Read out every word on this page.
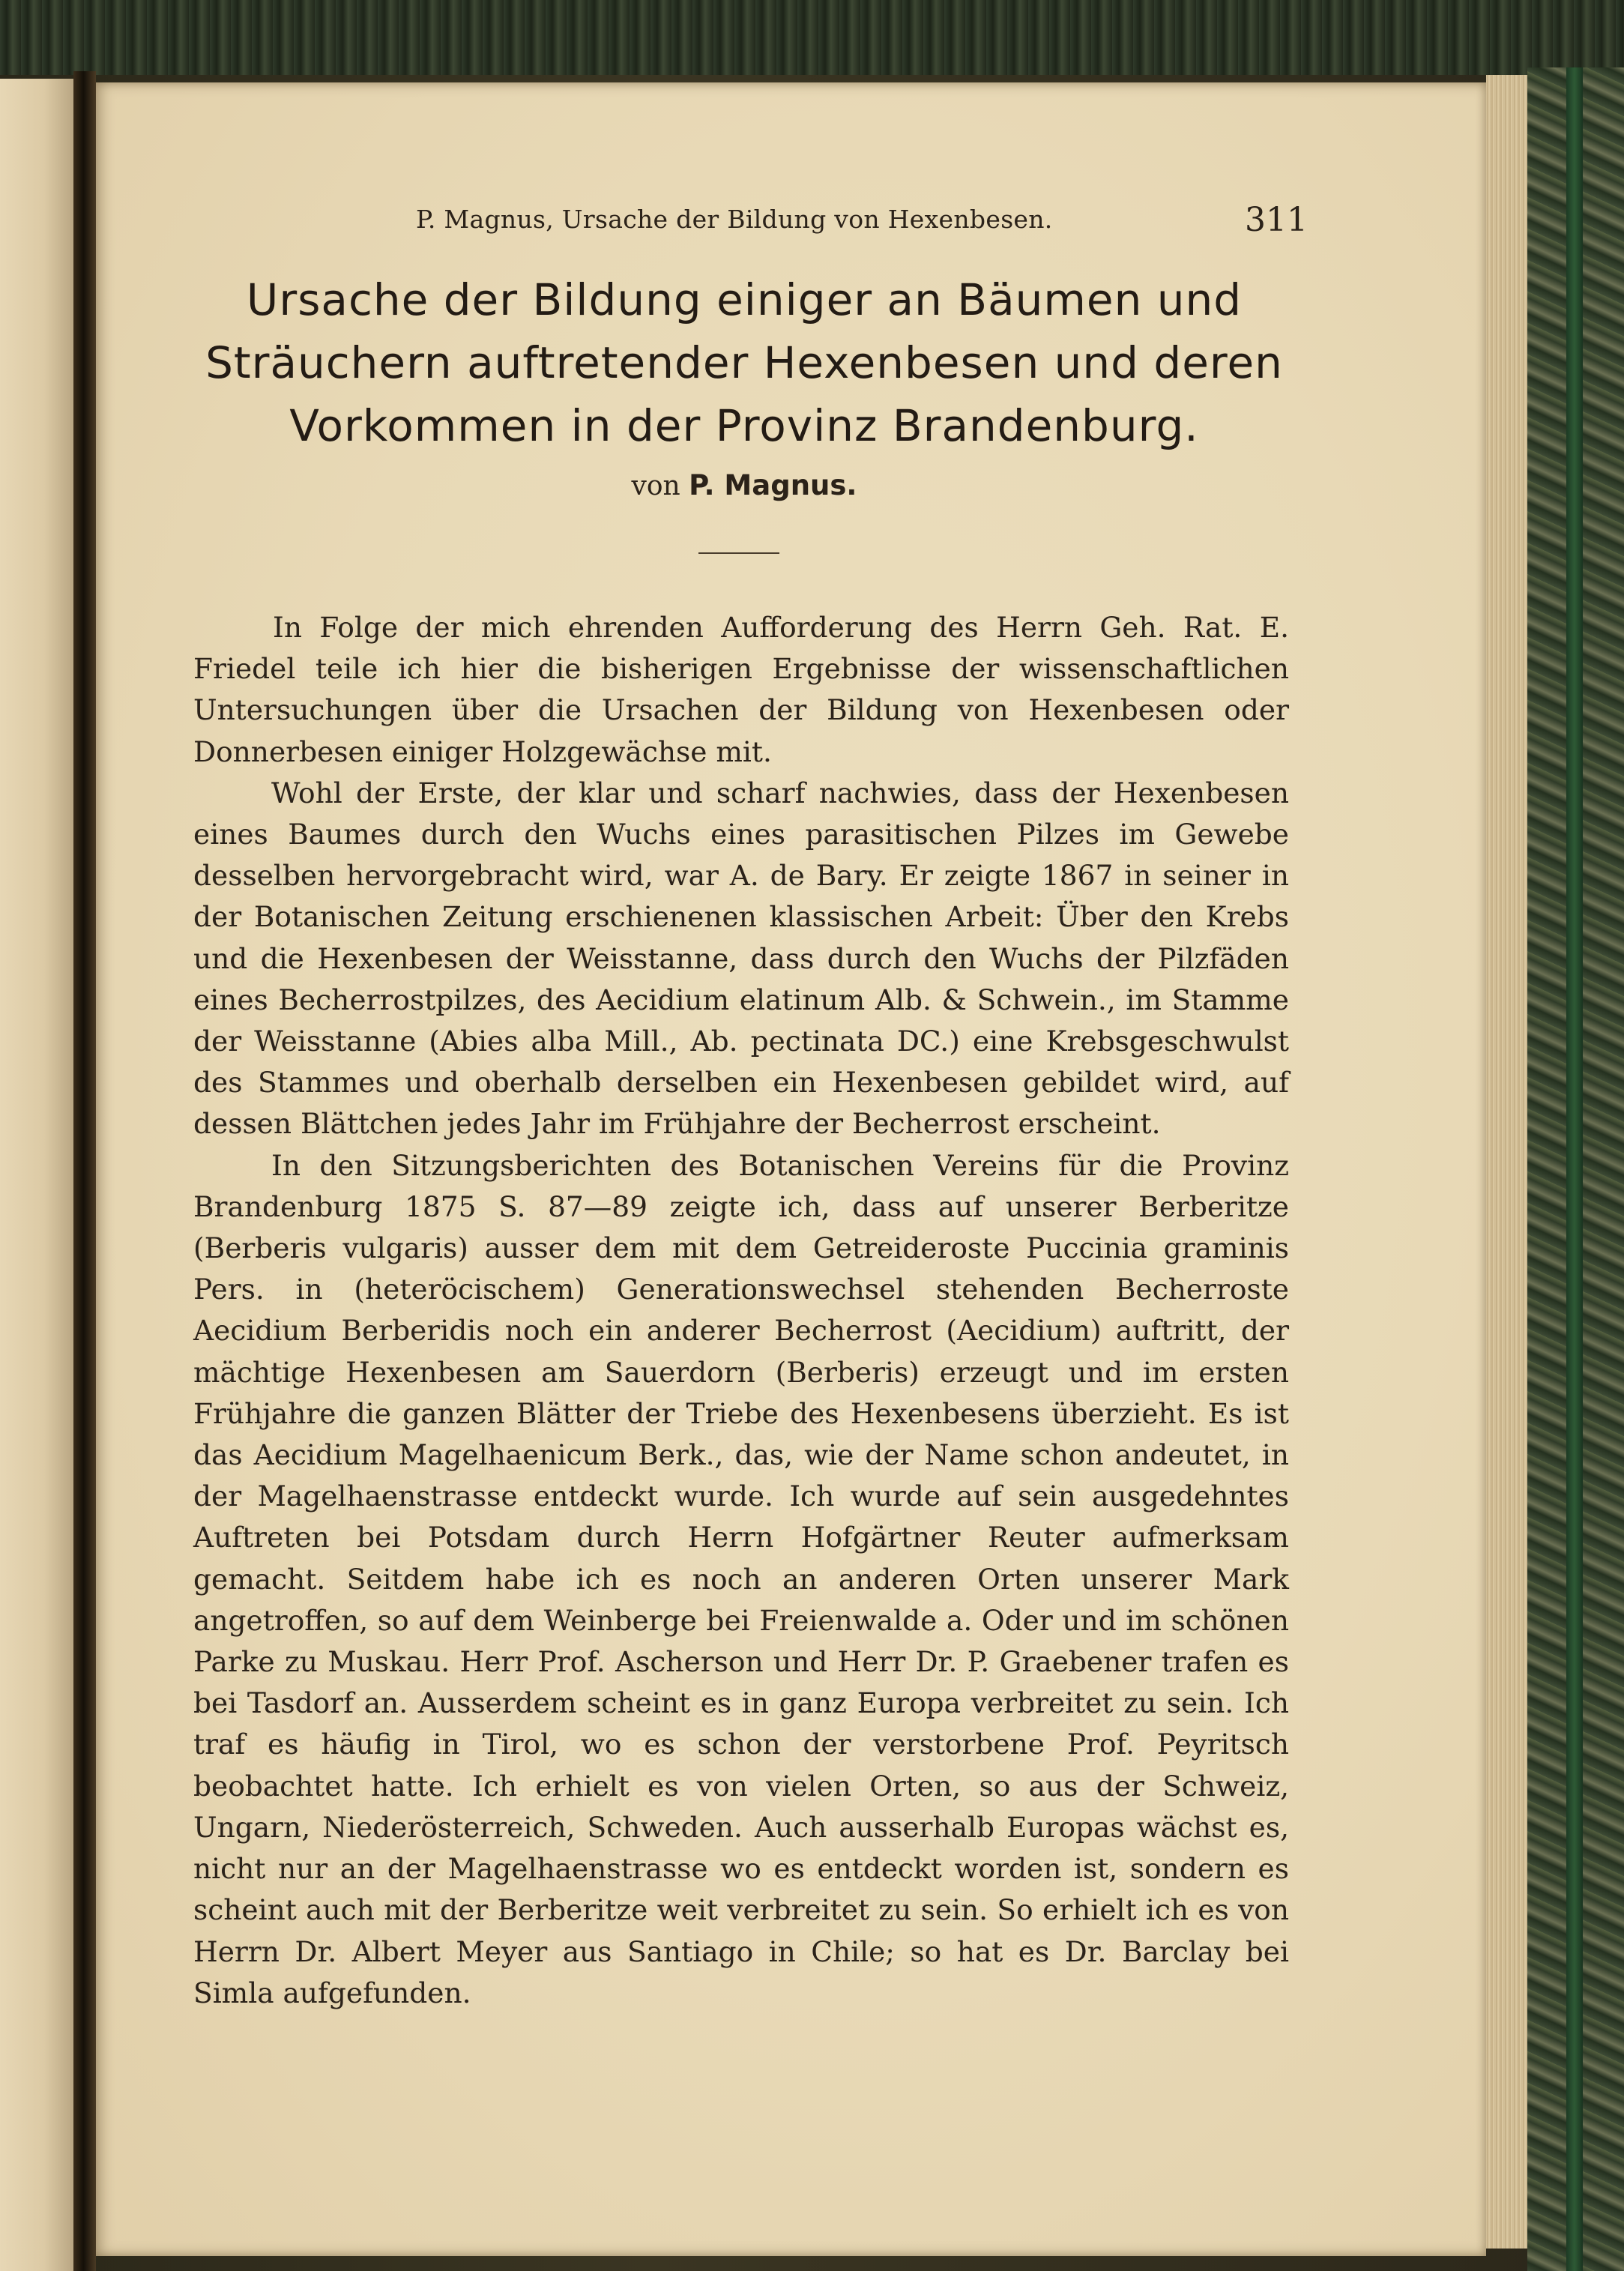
P. Magnus, Ursache der Bildung von Hexenbesen.	311
Ursache der Bildung einiger an Bäumen und
Sträuchern auftretender Hexenbesen und deren
Vorkommen in der Provinz Brandenburg.
von P. Magnus.

In Folge der mich ehrenden Aufforderung des Herrn Geh. Rat. E. Friedel teile ich hier die bisherigen Ergebnisse der wissenschaftlichen Untersuchungen über die Ursachen der Bildung von Hexenbesen oder Donnerbesen einiger Holzgewächse mit.

Wohl der Erste, der klar und scharf nachwies, dass der Hexenbesen eines Baumes durch den Wuchs eines parasitischen Pilzes im Gewebe desselben hervorgebracht wird, war A. de Bary. Er zeigte 1867 in seiner in der Botanischen Zeitung erschienenen klassischen Arbeit: Über den Krebs und die Hexenbesen der Weisstanne, dass durch den Wuchs der Pilzfäden eines Becherrostpilzes, des Aecidium elatinum Alb. & Schwein., im Stamme der Weisstanne (Abies alba Mill., Ab. pectinata DC.) eine Krebsgeschwulst des Stammes und oberhalb derselben ein Hexenbesen gebildet wird, auf dessen Blättchen jedes Jahr im Frühjahre der Becherrost erscheint.

In den Sitzungsberichten des Botanischen Vereins für die Provinz Brandenburg 1875 S. 87—89 zeigte ich, dass auf unserer Berberitze (Berberis vulgaris) ausser dem mit dem Getreideroste Puccinia graminis Pers. in (heteröcischem) Generationswechsel stehenden Becherroste Aecidium Berberidis noch ein anderer Becherrost (Aecidium) auftritt, der mächtige Hexenbesen am Sauerdorn (Berberis) erzeugt und im ersten Frühjahre die ganzen Blätter der Triebe des Hexenbesens überzieht. Es ist das Aecidium Magelhaenicum Berk., das, wie der Name schon andeutet, in der Magelhaenstrasse entdeckt wurde. Ich wurde auf sein ausgedehntes Auftreten bei Potsdam durch Herrn Hofgärtner Reuter aufmerksam gemacht. Seitdem habe ich es noch an anderen Orten unserer Mark angetroffen, so auf dem Weinberge bei Freienwalde a. Oder und im schönen Parke zu Muskau. Herr Prof. Ascherson und Herr Dr. P. Graebener trafen es bei Tasdorf an. Ausserdem scheint es in ganz Europa verbreitet zu sein. Ich traf es häufig in Tirol, wo es schon der verstorbene Prof. Peyritsch beobachtet hatte. Ich erhielt es von vielen Orten, so aus der Schweiz, Ungarn, Niederösterreich, Schweden. Auch ausserhalb Europas wächst es, nicht nur an der Magelhaenstrasse wo es entdeckt worden ist, sondern es scheint auch mit der Berberitze weit verbreitet zu sein. So erhielt ich es von Herrn Dr. Albert Meyer aus Santiago in Chile; so hat es Dr. Barclay bei Simla aufgefunden.
